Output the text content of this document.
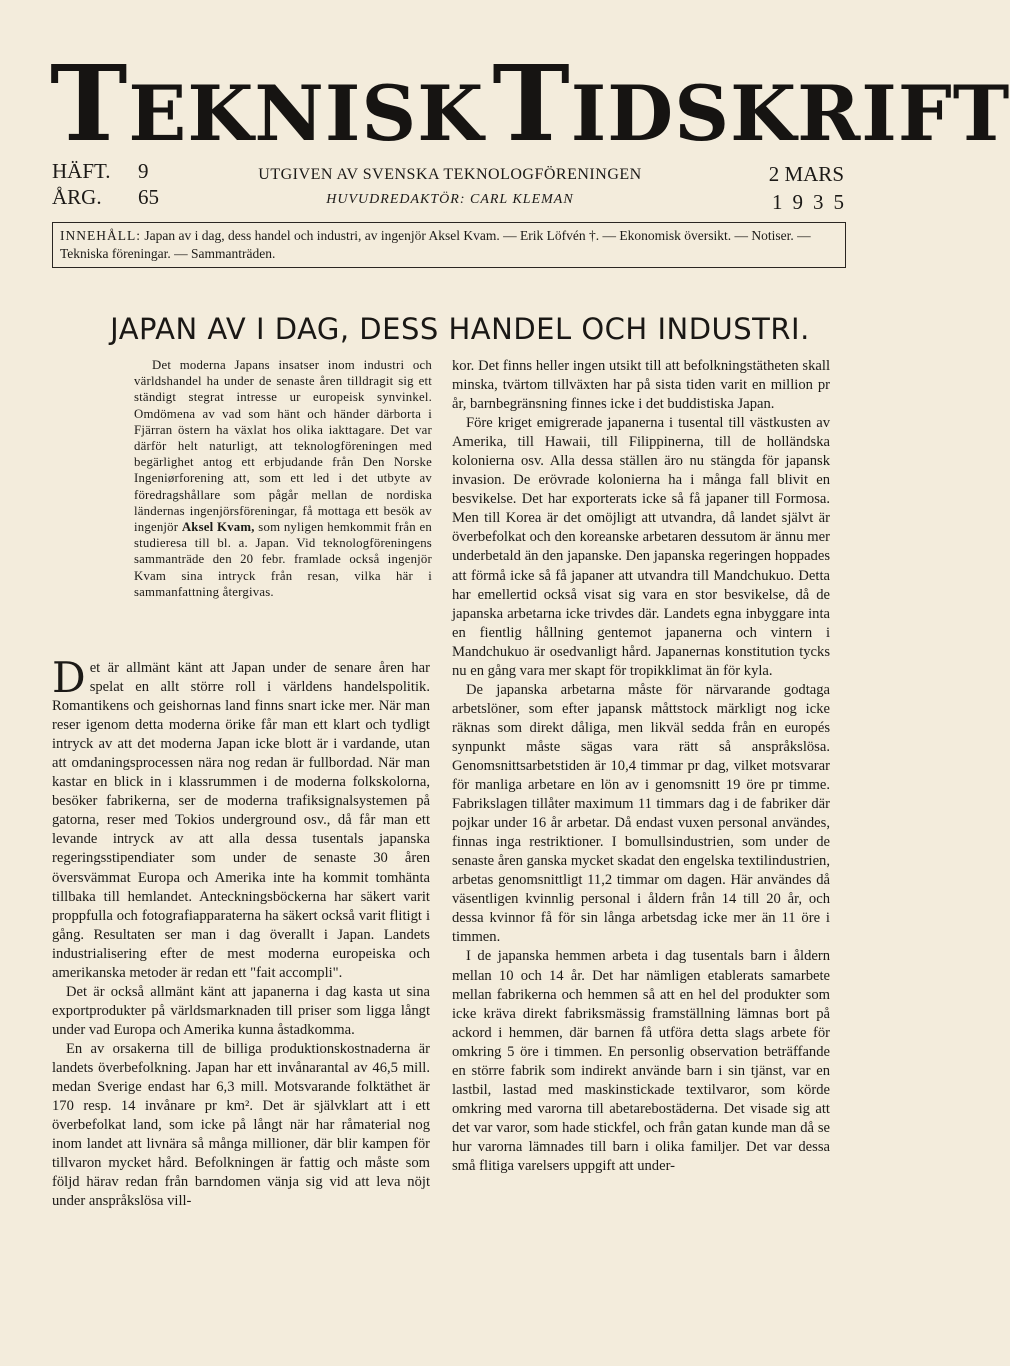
TEKNISKTIDSKRIFT
HÄFT. 9
ÅRG. 65
UTGIVEN AV SVENSKA TEKNOLOGFÖRENINGEN
HUVUDREDAKTÖR: CARL KLEMAN
2 MARS
1935
INNEHÅLL: Japan av i dag, dess handel och industri, av ingenjör Aksel Kvam. — Erik Löfvén †. — Ekonomisk översikt. — Notiser. — Tekniska föreningar. — Sammanträden.
JAPAN AV I DAG, DESS HANDEL OCH INDUSTRI.
Det moderna Japans insatser inom industri och världshandel ha under de senaste åren tilldragit sig ett ständigt stegrat intresse ur europeisk synvinkel. Omdömena av vad som hänt och händer därborta i Fjärran östern ha växlat hos olika iakttagare. Det var därför helt naturligt, att teknologföreningen med begärlighet antog ett erbjudande från Den Norske Ingeniørforening att, som ett led i det utbyte av föredragshållare som pågår mellan de nordiska ländernas ingenjörsföreningar, få mottaga ett besök av ingenjör Aksel Kvam, som nyligen hemkommit från en studieresa till bl. a. Japan. Vid teknologföreningens sammanträde den 20 febr. framlade också ingenjör Kvam sina intryck från resan, vilka här i sammanfattning återgivas.

Det är allmänt känt att Japan under de senare åren har spelat en allt större roll i världens handelspolitik. Romantikens och geishornas land finns snart icke mer. När man reser igenom detta moderna örike får man ett klart och tydligt intryck av att det moderna Japan icke blott är i vardande, utan att omdaningsprocessen nära nog redan är fullbordad. När man kastar en blick in i klassrummen i de moderna folkskolorna, besöker fabrikerna, ser de moderna trafiksignalsystemen på gatorna, reser med Tokios underground osv., då får man ett levande intryck av att alla dessa tusentals japanska regeringsstipendiater som under de senaste 30 åren översvämmat Europa och Amerika inte ha kommit tomhänta tillbaka till hemlandet. Anteckningsböckerna har säkert varit proppfulla och fotografiapparaterna ha säkert också varit flitigt i gång. Resultaten ser man i dag överallt i Japan. Landets industrialisering efter de mest moderna europeiska och amerikanska metoder är redan ett "fait accompli".

Det är också allmänt känt att japanerna i dag kasta ut sina exportprodukter på världsmarknaden till priser som ligga långt under vad Europa och Amerika kunna åstadkomma.

En av orsakerna till de billiga produktionskostnaderna är landets överbefolkning. Japan har ett invånarantal av 46,5 mill. medan Sverige endast har 6,3 mill. Motsvarande folktäthet är 170 resp. 14 invånare pr km². Det är självklart att i ett överbefolkat land, som icke på långt när har råmaterial nog inom landet att livnära så många millioner, där blir kampen för tillvaron mycket hård. Befolkningen är fattig och måste som följd härav redan från barndomen vänja sig vid att leva nöjt under anspråkslösa vill-

kor. Det finns heller ingen utsikt till att befolkningstätheten skall minska, tvärtom tillväxten har på sista tiden varit en million pr år, barnbegränsning finnes icke i det buddistiska Japan.

Före kriget emigrerade japanerna i tusental till västkusten av Amerika, till Hawaii, till Filippinerna, till de holländska kolonierna osv. Alla dessa ställen äro nu stängda för japansk invasion. De erövrade kolonierna ha i många fall blivit en besvikelse. Det har exporterats icke så få japaner till Formosa. Men till Korea är det omöjligt att utvandra, då landet självt är överbefolkat och den koreanske arbetaren dessutom är ännu mer underbetald än den japanske. Den japanska regeringen hoppades att förmå icke så få japaner att utvandra till Mandchukuo. Detta har emellertid också visat sig vara en stor besvikelse, då de japanska arbetarna icke trivdes där. Landets egna inbyggare inta en fientlig hållning gentemot japanerna och vintern i Mandchukuo är osedvanligt hård. Japanernas konstitution tycks nu en gång vara mer skapt för tropikklimat än för kyla.

De japanska arbetarna måste för närvarande godtaga arbetslöner, som efter japansk måttstock märkligt nog icke räknas som direkt dåliga, men likväl sedda från en europés synpunkt måste sägas vara rätt så anspråkslösa. Genomsnittsarbetstiden är 10,4 timmar pr dag, vilket motsvarar för manliga arbetare en lön av i genomsnitt 19 öre pr timme. Fabrikslagen tillåter maximum 11 timmars dag i de fabriker där pojkar under 16 år arbetar. Då endast vuxen personal användes, finnas inga restriktioner. I bomullsindustrien, som under de senaste åren ganska mycket skadat den engelska textilindustrien, arbetas genomsnittligt 11,2 timmar om dagen. Här användes då väsentligen kvinnlig personal i åldern från 14 till 20 år, och dessa kvinnor få för sin långa arbetsdag icke mer än 11 öre i timmen.

I de japanska hemmen arbeta i dag tusentals barn i åldern mellan 10 och 14 år. Det har nämligen etablerats samarbete mellan fabrikerna och hemmen så att en hel del produkter som icke kräva direkt fabriksmässig framställning lämnas bort på ackord i hemmen, där barnen få utföra detta slags arbete för omkring 5 öre i timmen. En personlig observation beträffande en större fabrik som indirekt använde barn i sin tjänst, var en lastbil, lastad med maskinstickade textilvaror, som körde omkring med varorna till abetarebostäderna. Det visade sig att det var varor, som hade stickfel, och från gatan kunde man då se hur varorna lämnades till barn i olika familjer. Det var dessa små flitiga varelsers uppgift att under-
